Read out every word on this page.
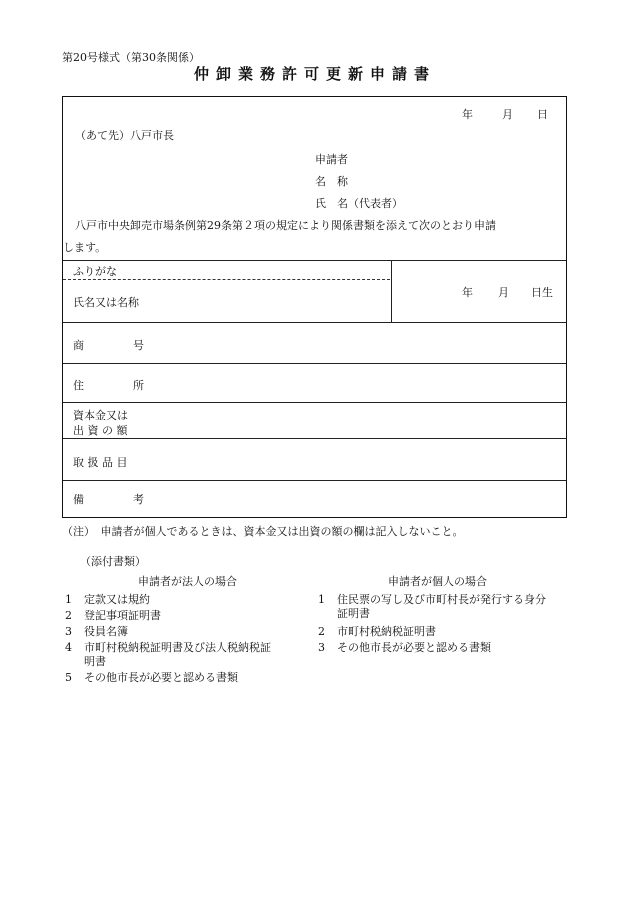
第20号様式（第30条関係）
仲卸業務許可更新申請書
年	月 日
（あて先）八戸市長
申請者
名　称
氏　名（代表者）
八戸市中央卸売市場条例第29条第２項の規定により関係書類を添えて次のとおり申請
します。
ふりがな
氏名又は名称
年 月 日生
商	号
住	所
資本金又は
出 資 の 額
取 扱 品 目
備	考
（注）　申請者が個人であるときは、資本金又は出資の額の欄は記入しないこと。
（添付書類）
申請者が法人の場合	申請者が個人の場合
1 定款又は規約
2 登記事項証明書
3 役員名簿
4 市町村税納税証明書及び法人税納税証
明書
5 その他市長が必要と認める書類
1 住民票の写し及び市町村長が発行する身分
証明書
2 市町村税納税証明書
3 その他市長が必要と認める書類
